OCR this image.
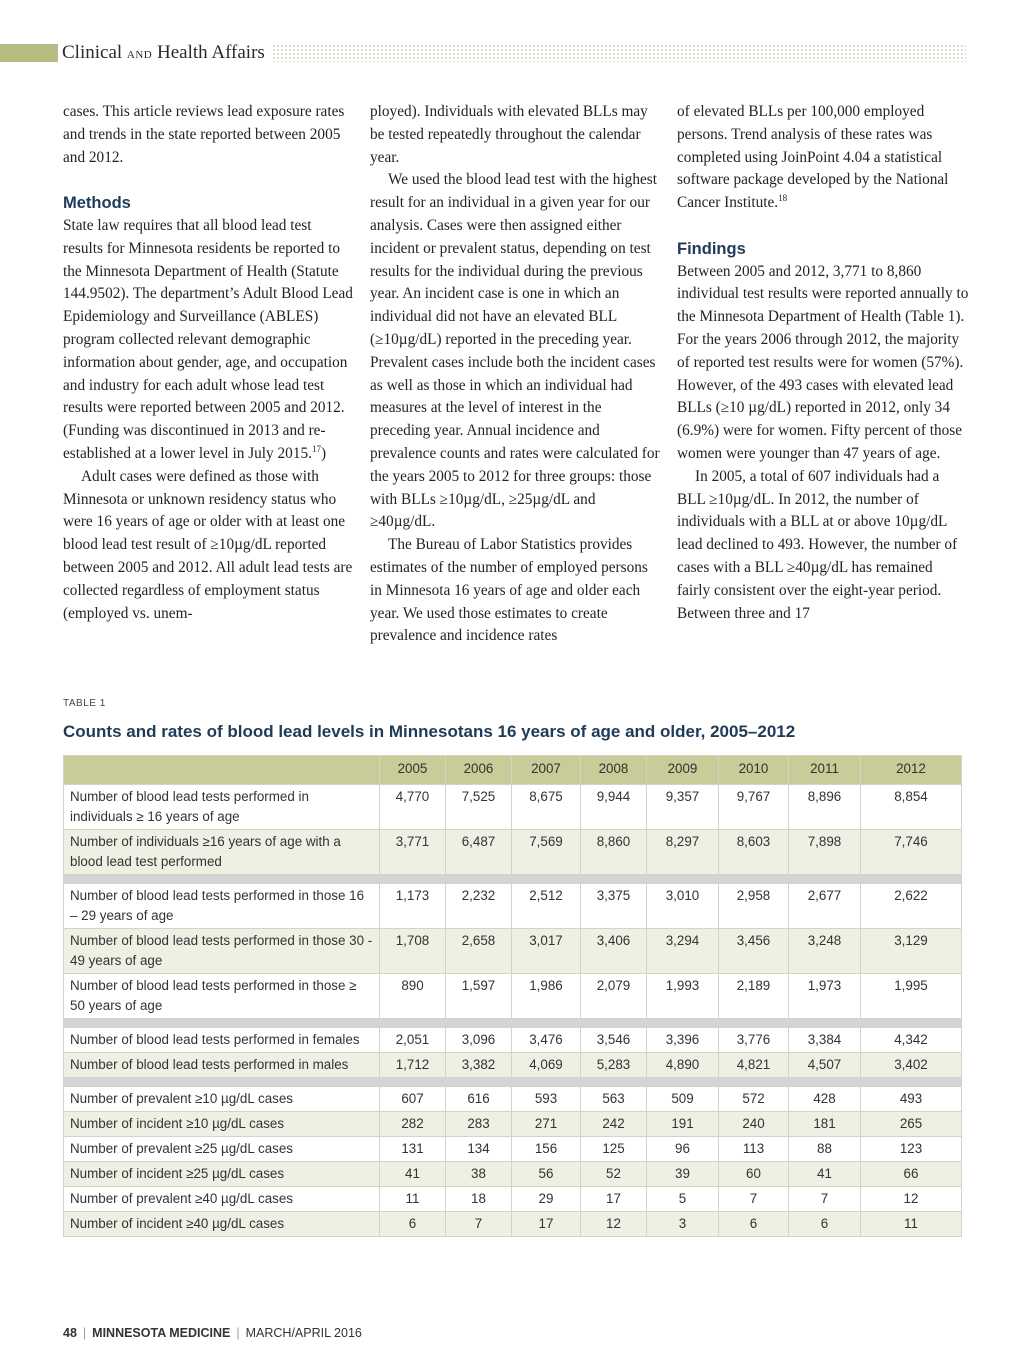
Clinical AND Health Affairs

cases. This article reviews lead exposure rates and trends in the state reported between 2005 and 2012.

Methods

State law requires that all blood lead test results for Minnesota residents be reported to the Minnesota Department of Health (Statute 144.9502). The department’s Adult Blood Lead Epidemiology and Surveillance (ABLES) program collected relevant demographic information about gender, age, and occupation and industry for each adult whose lead test results were reported between 2005 and 2012. (Funding was discontinued in 2013 and re-established at a lower level in July 2015.17)

Adult cases were defined as those with Minnesota or unknown residency status who were 16 years of age or older with at least one blood lead test result of ≥10µg/dL reported between 2005 and 2012. All adult lead tests are collected regardless of employment status (employed vs. unem-

ployed). Individuals with elevated BLLs may be tested repeatedly throughout the calendar year.

We used the blood lead test with the highest result for an individual in a given year for our analysis. Cases were then assigned either incident or prevalent status, depending on test results for the individual during the previous year. An incident case is one in which an individual did not have an elevated BLL (≥10µg/dL) reported in the preceding year. Prevalent cases include both the incident cases as well as those in which an individual had measures at the level of interest in the preceding year. Annual incidence and prevalence counts and rates were calculated for the years 2005 to 2012 for three groups: those with BLLs ≥10µg/dL, ≥25µg/dL and ≥40µg/dL.

The Bureau of Labor Statistics provides estimates of the number of employed persons in Minnesota 16 years of age and older each year. We used those estimates to create prevalence and incidence rates

of elevated BLLs per 100,000 employed persons. Trend analysis of these rates was completed using JoinPoint 4.04 a statistical software package developed by the National Cancer Institute.$^{18}$

Findings

Between 2005 and 2012, 3,771 to 8,860 individual test results were reported annually to the Minnesota Department of Health (Table 1). For the years 2006 through 2012, the majority of reported test results were for women (57%). However, of the 493 cases with elevated lead BLLs (≥10 µg/dL) reported in 2012, only 34 (6.9%) were for women. Fifty percent of those women were younger than 47 years of age.

In 2005, a total of 607 individuals had a BLL ≥10µg/dL. In 2012, the number of individuals with a BLL at or above 10µg/dL lead declined to 493. However, the number of cases with a BLL ≥40µg/dL has remained fairly consistent over the eight-year period. Between three and 17

TABLE 1
Counts and rates of blood lead levels in Minnesotans 16 years of age and older, 2005–2012
	2005	2006	2007	2008	2009	2010	2011	2012
Number of blood lead tests performed in individuals ≥ 16 years of age	4,770	7,525	8,675	9,944	9,357	9,767	8,896	8,854
Number of individuals ≥16 years of age with a blood lead test performed	3,771	6,487	7,569	8,860	8,297	8,603	7,898	7,746

Number of blood lead tests performed in those 16 – 29 years of age	1,173	2,232	2,512	3,375	3,010	2,958	2,677	2,622
Number of blood lead tests performed in those 30 - 49 years of age	1,708	2,658	3,017	3,406	3,294	3,456	3,248	3,129
Number of blood lead tests performed in those ≥ 50 years of age	890	1,597	1,986	2,079	1,993	2,189	1,973	1,995

Number of blood lead tests performed in females	2,051	3,096	3,476	3,546	3,396	3,776	3,384	4,342
Number of blood lead tests performed in males	1,712	3,382	4,069	5,283	4,890	4,821	4,507	3,402

Number of prevalent ≥10 µg/dL cases	607	616	593	563	509	572	428	493
Number of incident ≥10 µg/dL cases	282	283	271	242	191	240	181	265
Number of prevalent ≥25 µg/dL cases	131	134	156	125	96	113	88	123
Number of incident ≥25 µg/dL cases	41	38	56	52	39	60	41	66
Number of prevalent ≥40 µg/dL cases	11	18	29	17	5	7	7	12
Number of incident ≥40 µg/dL cases	6	7	17	12	3	6	6	11
48 | MINNESOTA MEDICINE | MARCH/APRIL 2016
